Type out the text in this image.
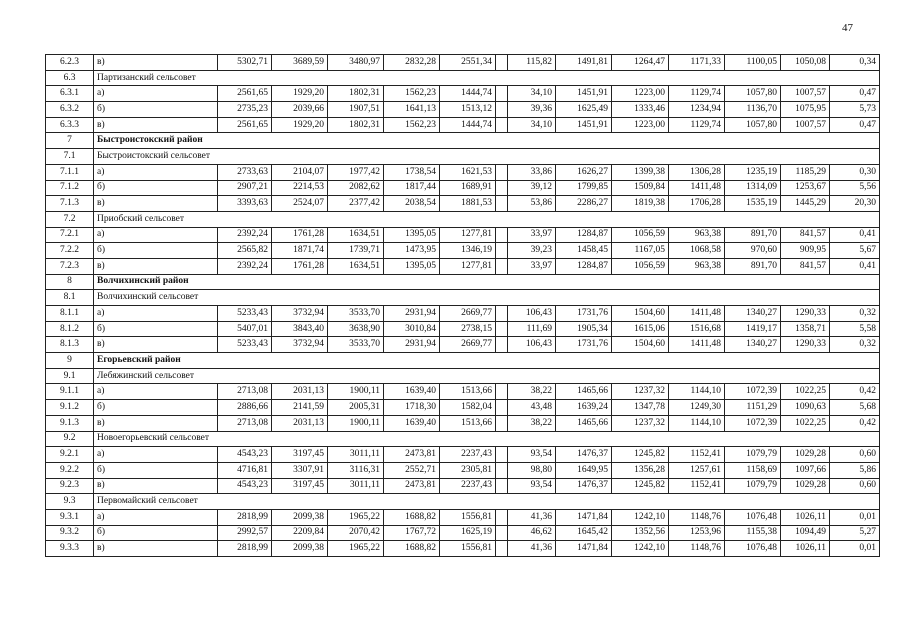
47
6.2.3	в)	5302,71	3689,59	3480,97	2832,28	2551,34		115,82	1491,81	1264,47	1171,33	1100,05	1050,08	0,34
6.3	Партизанский сельсовет													
6.3.1	а)	2561,65	1929,20	1802,31	1562,23	1444,74		34,10	1451,91	1223,00	1129,74	1057,80	1007,57	0,47
6.3.2	б)	2735,23	2039,66	1907,51	1641,13	1513,12		39,36	1625,49	1333,46	1234,94	1136,70	1075,95	5,73
6.3.3	в)	2561,65	1929,20	1802,31	1562,23	1444,74		34,10	1451,91	1223,00	1129,74	1057,80	1007,57	0,47
7	Быстроистокский район													
7.1	Быстроистокский сельсовет													
7.1.1	а)	2733,63	2104,07	1977,42	1738,54	1621,53		33,86	1626,27	1399,38	1306,28	1235,19	1185,29	0,30
7.1.2	б)	2907,21	2214,53	2082,62	1817,44	1689,91		39,12	1799,85	1509,84	1411,48	1314,09	1253,67	5,56
7.1.3	в)	3393,63	2524,07	2377,42	2038,54	1881,53		53,86	2286,27	1819,38	1706,28	1535,19	1445,29	20,30
7.2	Приобский сельсовет													
7.2.1	а)	2392,24	1761,28	1634,51	1395,05	1277,81		33,97	1284,87	1056,59	963,38	891,70	841,57	0,41
7.2.2	б)	2565,82	1871,74	1739,71	1473,95	1346,19		39,23	1458,45	1167,05	1068,58	970,60	909,95	5,67
7.2.3	в)	2392,24	1761,28	1634,51	1395,05	1277,81		33,97	1284,87	1056,59	963,38	891,70	841,57	0,41
8	Волчихинский район													
8.1	Волчихинский сельсовет													
8.1.1	а)	5233,43	3732,94	3533,70	2931,94	2669,77		106,43	1731,76	1504,60	1411,48	1340,27	1290,33	0,32
8.1.2	б)	5407,01	3843,40	3638,90	3010,84	2738,15		111,69	1905,34	1615,06	1516,68	1419,17	1358,71	5,58
8.1.3	в)	5233,43	3732,94	3533,70	2931,94	2669,77		106,43	1731,76	1504,60	1411,48	1340,27	1290,33	0,32
9	Егорьевский район													
9.1	Лебяжинский сельсовет													
9.1.1	а)	2713,08	2031,13	1900,11	1639,40	1513,66		38,22	1465,66	1237,32	1144,10	1072,39	1022,25	0,42
9.1.2	б)	2886,66	2141,59	2005,31	1718,30	1582,04		43,48	1639,24	1347,78	1249,30	1151,29	1090,63	5,68
9.1.3	в)	2713,08	2031,13	1900,11	1639,40	1513,66		38,22	1465,66	1237,32	1144,10	1072,39	1022,25	0,42
9.2	Новоегорьевский сельсовет													
9.2.1	а)	4543,23	3197,45	3011,11	2473,81	2237,43		93,54	1476,37	1245,82	1152,41	1079,79	1029,28	0,60
9.2.2	б)	4716,81	3307,91	3116,31	2552,71	2305,81		98,80	1649,95	1356,28	1257,61	1158,69	1097,66	5,86
9.2.3	в)	4543,23	3197,45	3011,11	2473,81	2237,43		93,54	1476,37	1245,82	1152,41	1079,79	1029,28	0,60
9.3	Первомайский сельсовет													
9.3.1	а)	2818,99	2099,38	1965,22	1688,82	1556,81		41,36	1471,84	1242,10	1148,76	1076,48	1026,11	0,01
9.3.2	б)	2992,57	2209,84	2070,42	1767,72	1625,19		46,62	1645,42	1352,56	1253,96	1155,38	1094,49	5,27
9.3.3	в)	2818,99	2099,38	1965,22	1688,82	1556,81		41,36	1471,84	1242,10	1148,76	1076,48	1026,11	0,01
